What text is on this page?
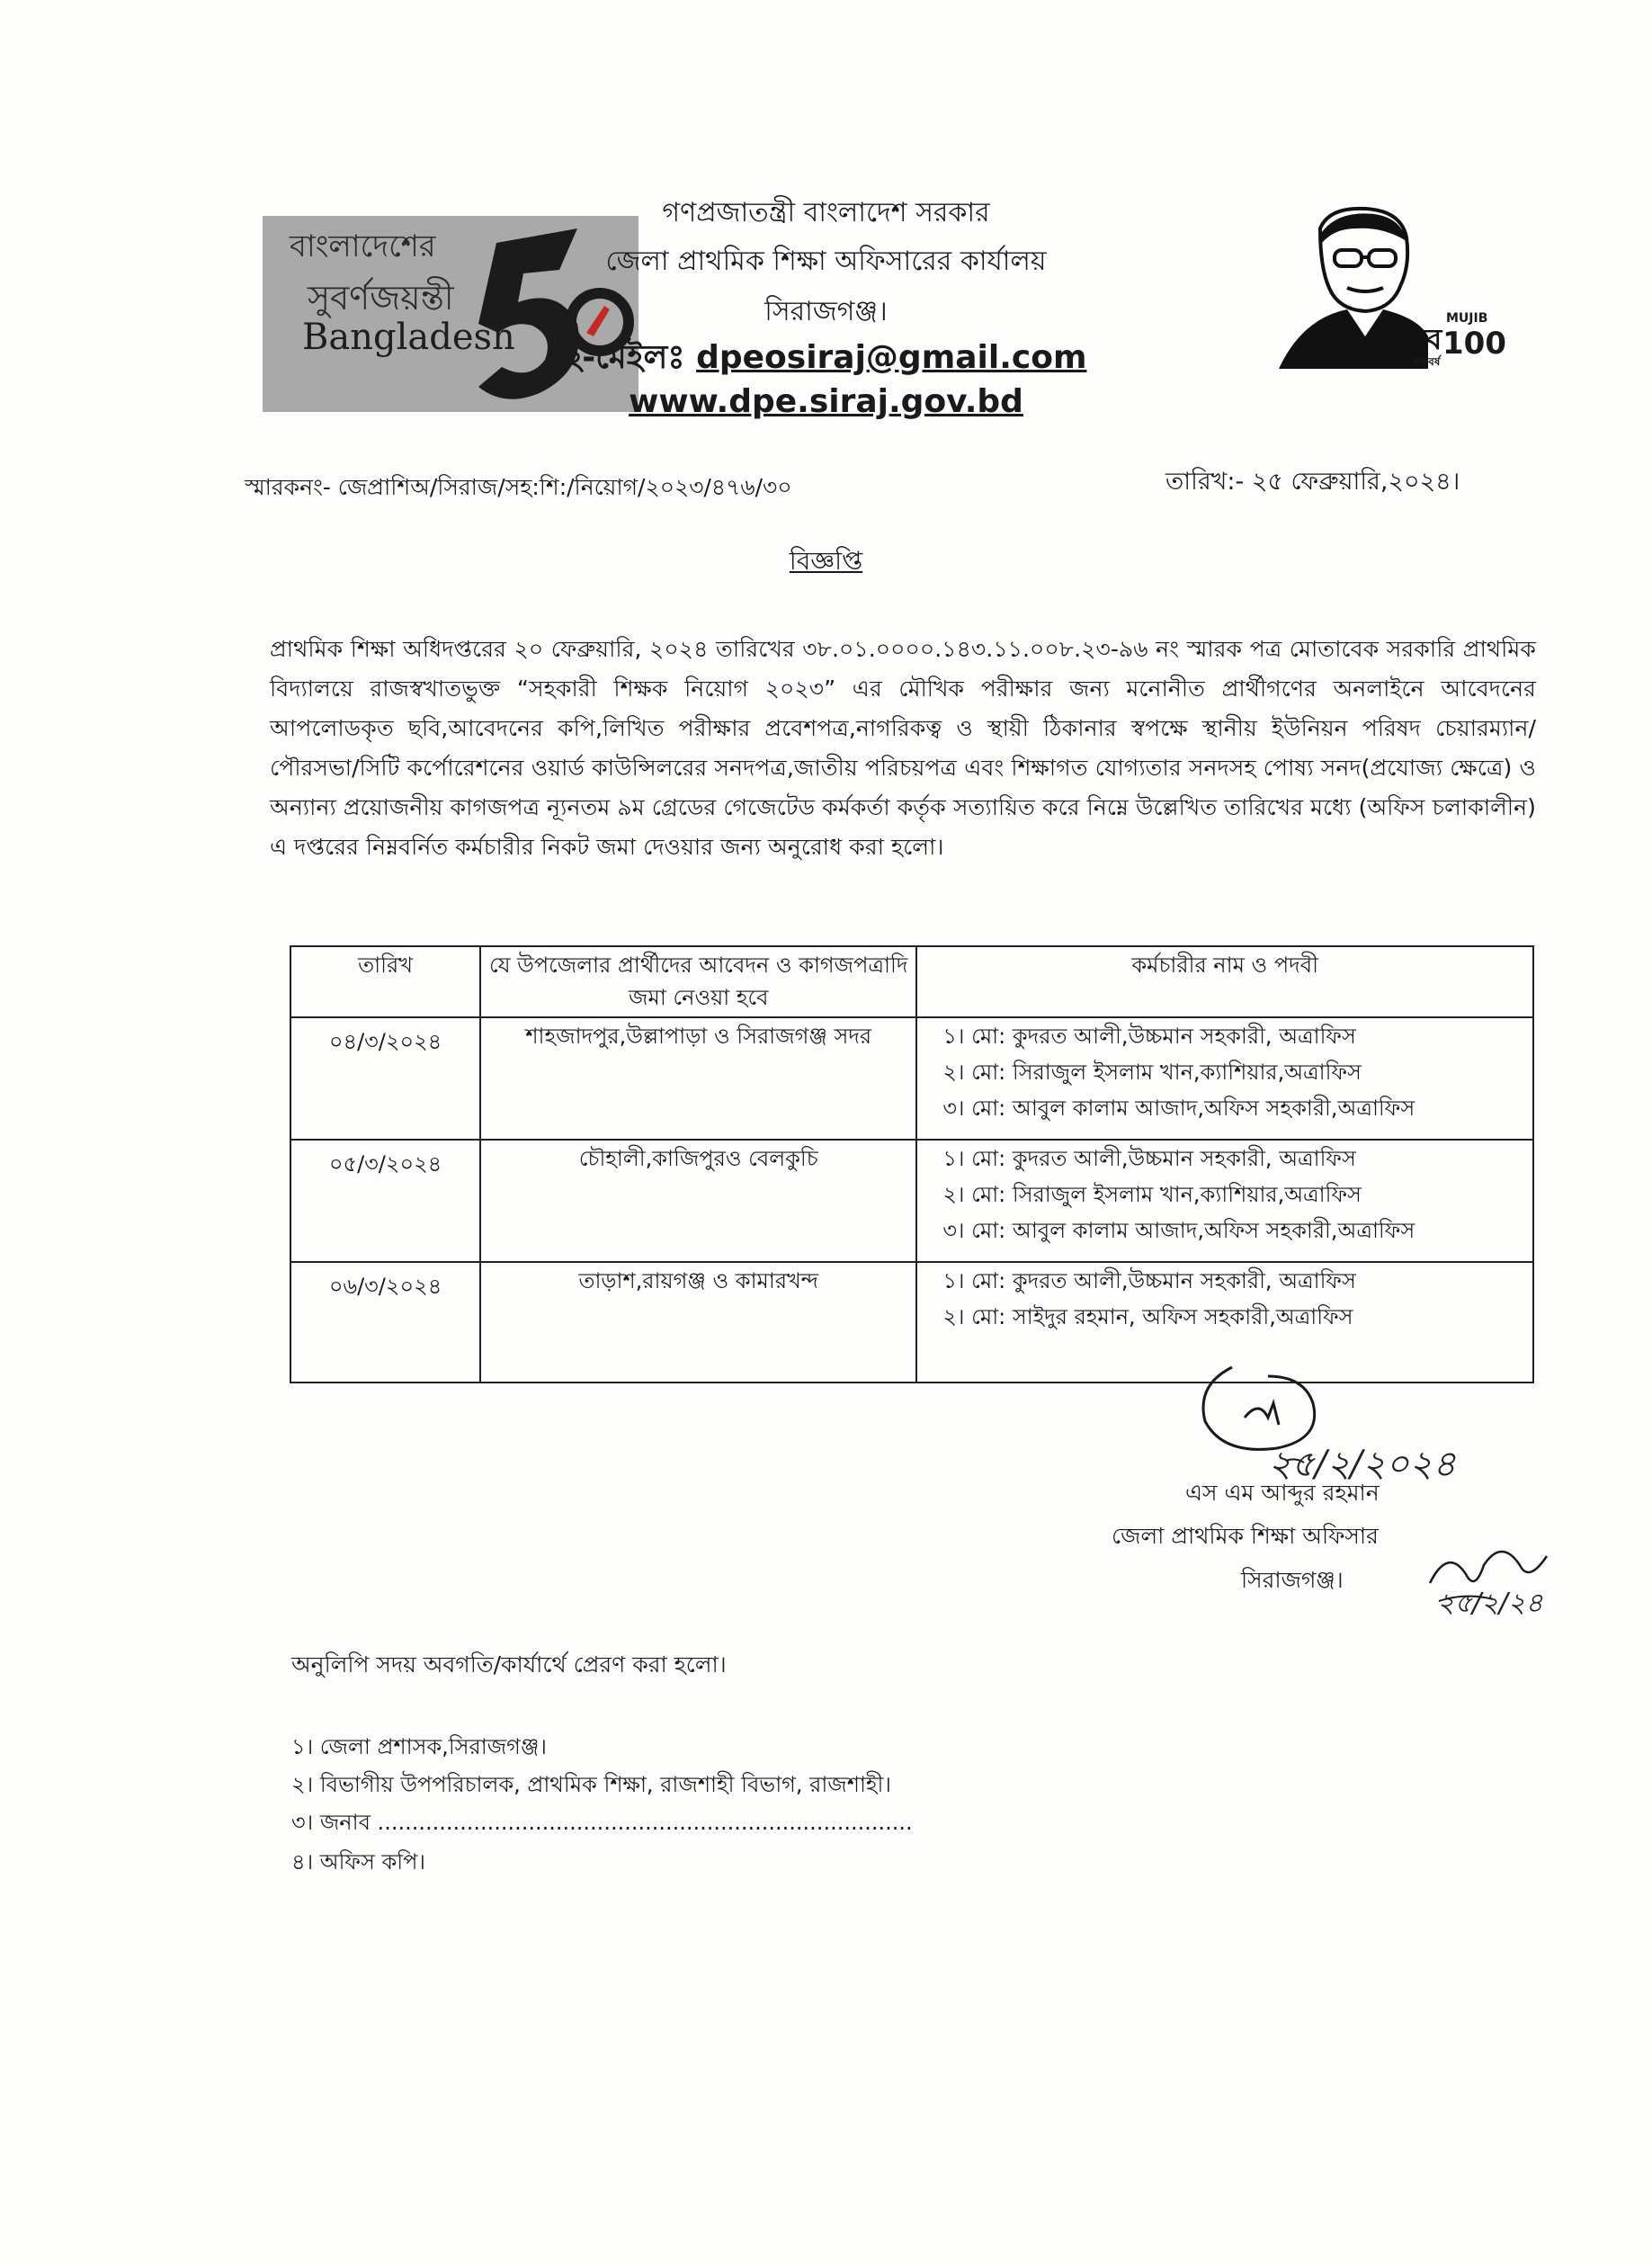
বাংলাদেশের
সুবর্ণজয়ন্তী
Bangladesh
গণপ্রজাতন্ত্রী বাংলাদেশ সরকার
জেলা প্রাথমিক শিক্ষা অফিসারের কার্যালয়
সিরাজগঞ্জ।
ই-মেইলঃ dpeosiraj@gmail.com
www.dpe.siraj.gov.bd
মুজিব
MUJIB
100
শতবর্ষ
স্মারকনং- জেপ্রাশিঅ/সিরাজ/সহ:শি:/নিয়োগ/২০২৩/৪৭৬/৩০	তারিখ:- ২৫ ফেব্রুয়ারি,২০২৪।
বিজ্ঞপ্তি
প্রাথমিক শিক্ষা অধিদপ্তরের ২০ ফেব্রুয়ারি, ২০২৪ তারিখের ৩৮.০১.০০০০.১৪৩.১১.০০৮.২৩-৯৬ নং স্মারক পত্র মোতাবেক সরকারি প্রাথমিক বিদ্যালয়ে রাজস্বখাতভুক্ত “সহকারী শিক্ষক নিয়োগ ২০২৩” এর মৌখিক পরীক্ষার জন্য মনোনীত প্রার্থীগণের অনলাইনে আবেদনের আপলোডকৃত ছবি,আবেদনের কপি,লিখিত পরীক্ষার প্রবেশপত্র,নাগরিকত্ব ও স্থায়ী ঠিকানার স্বপক্ষে স্থানীয় ইউনিয়ন পরিষদ চেয়ারম্যান/ পৌরসভা/সিটি কর্পোরেশনের ওয়ার্ড কাউন্সিলরের সনদপত্র,জাতীয় পরিচয়পত্র এবং শিক্ষাগত যোগ্যতার সনদসহ পোষ্য সনদ(প্রযোজ্য ক্ষেত্রে) ও অন্যান্য প্রয়োজনীয় কাগজপত্র ন্যূনতম ৯ম গ্রেডের গেজেটেড কর্মকর্তা কর্তৃক সত্যায়িত করে নিম্নে উল্লেখিত তারিখের মধ্যে (অফিস চলাকালীন) এ দপ্তরের নিম্নবর্নিত কর্মচারীর নিকট জমা দেওয়ার জন্য অনুরোধ করা হলো।
তারিখ	যে উপজেলার প্রার্থীদের আবেদন ও কাগজপত্রাদি জমা নেওয়া হবে	কর্মচারীর নাম ও পদবী
০৪/৩/২০২৪	শাহজাদপুর,উল্লাপাড়া ও সিরাজগঞ্জ সদর	১। মো: কুদরত আলী,উচ্চমান সহকারী, অত্রাফিস
২। মো: সিরাজুল ইসলাম খান,ক্যাশিয়ার,অত্রাফিস
৩। মো: আবুল কালাম আজাদ,অফিস সহকারী,অত্রাফিস

০৫/৩/২০২৪	চৌহালী,কাজিপুরও বেলকুচি	১। মো: কুদরত আলী,উচ্চমান সহকারী, অত্রাফিস
২। মো: সিরাজুল ইসলাম খান,ক্যাশিয়ার,অত্রাফিস
৩। মো: আবুল কালাম আজাদ,অফিস সহকারী,অত্রাফিস

০৬/৩/২০২৪	তাড়াশ,রায়গঞ্জ ও কামারখন্দ	১। মো: কুদরত আলী,উচ্চমান সহকারী, অত্রাফিস
২। মো: সাইদুর রহমান, অফিস সহকারী,অত্রাফিস
২৫/২/২০২৪
এস এম আব্দুর রহমান
জেলা প্রাথমিক শিক্ষা অফিসার
সিরাজগঞ্জ।
২৫/২/২৪
অনুলিপি সদয় অবগতি/কার্যার্থে প্রেরণ করা হলো।
১। জেলা প্রশাসক,সিরাজগঞ্জ।
২। বিভাগীয় উপপরিচালক, প্রাথমিক শিক্ষা, রাজশাহী বিভাগ, রাজশাহী।
৩। জনাব ..............................................................................
৪। অফিস কপি।
